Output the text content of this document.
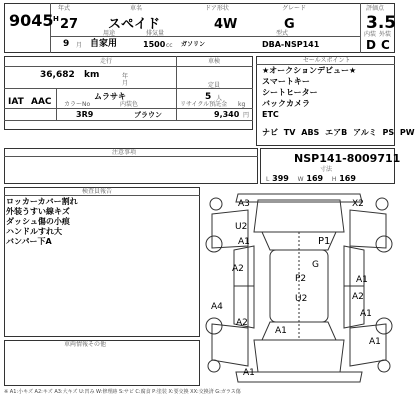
9045
年式	車名	ドア形状	グレード	評価点
H 27 スペイド	4W	G	3.5
用途	排気量	型式
9 月 自家用	1500 cc ガソリン	DBA-NSP141
内装 外装
D C
走行	車検
36,682 km	年
月	定員
IAT AAC
ムラサキ	5 人
kg
カラーNo	内装色	リサイクル預託金
3R9	ブラウン	9,340 円
セールスポイント
★オークションデビュー★
スマートキー
シートヒーター
バックカメラ
ETC
ナビ TV ABS エアB アルミ PS PW
注意事項	NSP141-8009711
寸法
L 399 W 169 H 169
検査員報告
ロッカーカバー割れ
外装うすい線キズ
ダッシュ傷の小痕
ハンドルすれ大
バンパー下A
車両情報その他
A3	X2
U2
A1	P1
G
A2
P2	A1
U2	A2
A4
A1
A2
A1
A1
A1
※ A1:小キズ A2:キズ A3:大キズ U:凹み W:修理跡 S:サビ C:腐食 P:塗装 X:要交換 XX:交換済 G:ガラス傷
